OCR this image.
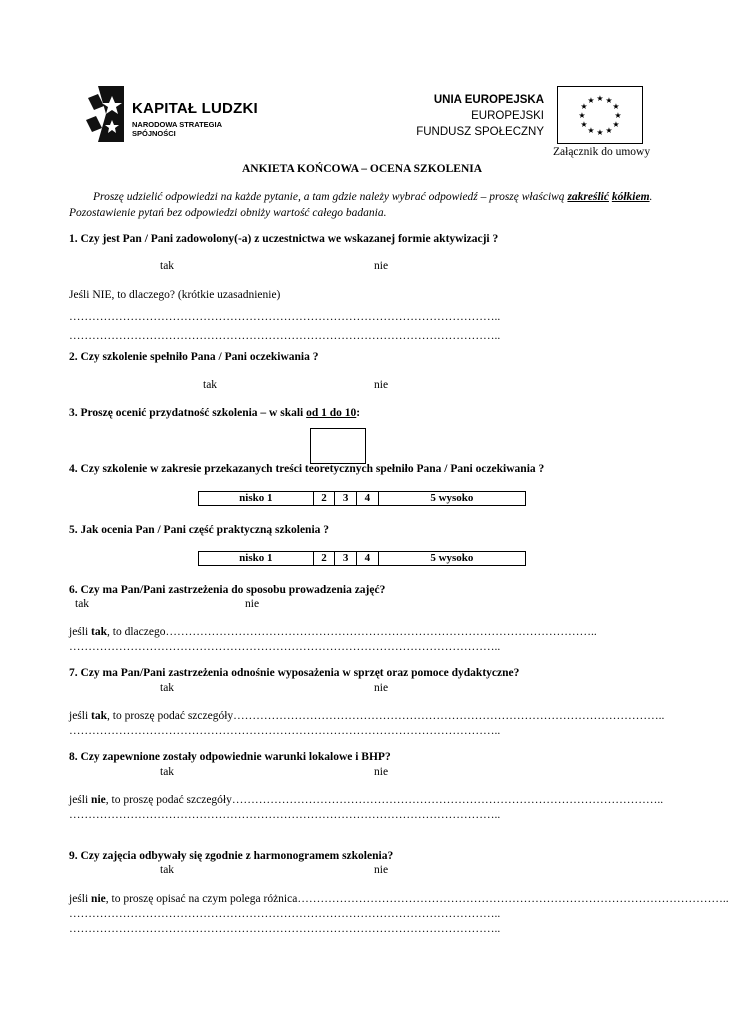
KAPITAŁ LUDZKI
NARODOWA STRATEGIA SPÓJNOŚCI
UNIA EUROPEJSKA
EUROPEJSKI
FUNDUSZ SPOŁECZNY
★ ★
★
★
★
★
★
★
★
★
★
★
Załącznik do umowy
ANKIETA KOŃCOWA – OCENA SZKOLENIA
Proszę udzielić odpowiedzi na każde pytanie, a tam gdzie należy wybrać odpowiedź – proszę właściwą zakreślić kółkiem. Pozostawienie pytań bez odpowiedzi obniży wartość całego badania.
1. Czy jest Pan / Pani zadowolony(-a) z uczestnictwa we wskazanej formie aktywizacji ?
tak	nie
Jeśli NIE, to dlaczego? (krótkie uzasadnienie)
…………………………………………………………………………………………………..
…………………………………………………………………………………………………..
2. Czy szkolenie spełniło Pana / Pani oczekiwania ?
tak	nie
3. Proszę ocenić przydatność szkolenia – w skali od 1 do 10:
4. Czy szkolenie w zakresie przekazanych treści teoretycznych spełniło Pana / Pani oczekiwania ?
nisko 1	2	3	4	5 wysoko
5. Jak ocenia Pan / Pani część praktyczną szkolenia ?
nisko 1	2	3	4	5 wysoko
6. Czy ma Pan/Pani zastrzeżenia do sposobu prowadzenia zajęć?
tak	nie
jeśli tak, to dlaczego…………………………………………………………………………………………………..
…………………………………………………………………………………………………..
7. Czy ma Pan/Pani zastrzeżenia odnośnie wyposażenia w sprzęt oraz pomoce dydaktyczne?
tak	nie
jeśli tak, to proszę podać szczegóły…………………………………………………………………………………………………..
…………………………………………………………………………………………………..
8. Czy zapewnione zostały odpowiednie warunki lokalowe i BHP?
tak	nie
jeśli nie, to proszę podać szczegóły…………………………………………………………………………………………………..
…………………………………………………………………………………………………..
9. Czy zajęcia odbywały się zgodnie z harmonogramem szkolenia?
tak	nie
jeśli nie, to proszę opisać na czym polega różnica…………………………………………………………………………………………………..
…………………………………………………………………………………………………..
…………………………………………………………………………………………………..
